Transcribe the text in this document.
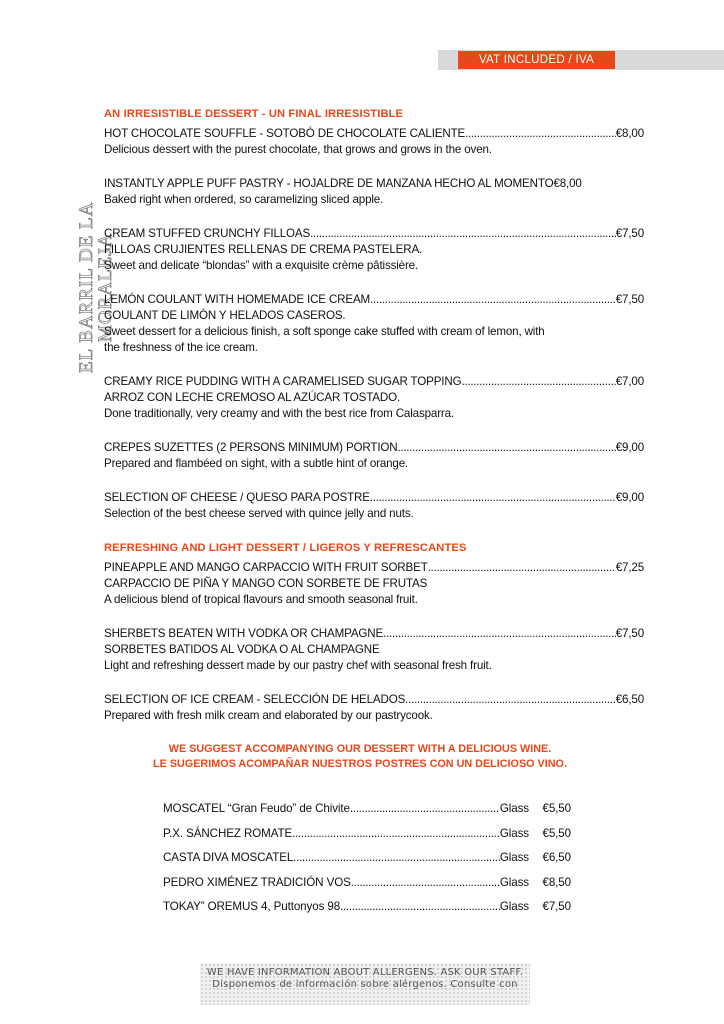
VAT INCLUDED / IVA
EL BARRIL DE LA
MORALEJA
AN IRRESISTIBLE DESSERT - UN FINAL IRRESISTIBLE
HOT CHOCOLATE SOUFFLE - SOTOBÓ DE CHOCOLATE CALIENTE .....	€8,00
Delicious dessert with the purest chocolate, that grows and grows in the oven.
INSTANTLY APPLE PUFF PASTRY - HOJALDRE DE MANZANA HECHO AL MOMENTO €8,00
Baked right when ordered, so caramelizing sliced apple.
CREAM STUFFED CRUNCHY FILLOAS .....	€7,50
FILLOAS CRUJIENTES RELLENAS DE CREMA PASTELERA.
Sweet and delicate “blondas” with a exquisite crème pâtissière.
LEMÓN COULANT WITH HOMEMADE ICE CREAM .....	€7,50
COULANT DE LIMÓN Y HELADOS CASEROS.
Sweet dessert for a delicious finish, a soft sponge cake stuffed with cream of lemon, with
the freshness of the ice cream.
CREAMY RICE PUDDING WITH A CARAMELISED SUGAR TOPPING. .....	€7,00
ARROZ CON LECHE CREMOSO AL AZÚCAR TOSTADO.
Done traditionally, very creamy and with the best rice from Calasparra.
CREPES SUZETTES (2 PERSONS MINIMUM) PORTION .....	€9,00
Prepared and flambéed on sight, with a subtle hint of orange.
SELECTION OF CHEESE / QUESO PARA POSTRE .....	€9,00
Selection of the best cheese served with quince jelly and nuts.
REFRESHING AND LIGHT DESSERT / LIGEROS Y REFRESCANTES
PINEAPPLE AND MANGO CARPACCIO WITH FRUIT SORBET .....	€7,25
CARPACCIO DE PIÑA Y MANGO CON SORBETE DE FRUTAS
A delicious blend of tropical flavours and smooth seasonal fruit.
SHERBETS BEATEN WITH VODKA OR CHAMPAGNE. .....	€7,50
SORBETES BATIDOS AL VODKA O AL CHAMPAGNE
Light and refreshing dessert made by our pastry chef with seasonal fresh fruit.
SELECTION OF ICE CREAM - SELECCIÓN DE HELADOS. .....	€6,50
Prepared with fresh milk cream and elaborated by our pastrycook.
WE SUGGEST ACCOMPANYING OUR DESSERT WITH A DELICIOUS WINE.
LE SUGERIMOS ACOMPAÑAR NUESTROS POSTRES CON UN DELICIOSO VINO.
MOSCATEL “Gran Feudo” de Chivite .....	Glass	€5,50
P.X. SÁNCHEZ ROMATE .....	Glass	€5,50
CASTA DIVA MOSCATEL .....	Glass	€6,50
PEDRO XIMÉNEZ TRADICIÓN VOS .....	Glass	€8,50
TOKAY” OREMUS 4, Puttonyos 98 .....	Glass	€7,50
WE HAVE INFORMATION ABOUT ALLERGENS. ASK OUR STAFF.
Disponemos de información sobre alérgenos. Consulte con
